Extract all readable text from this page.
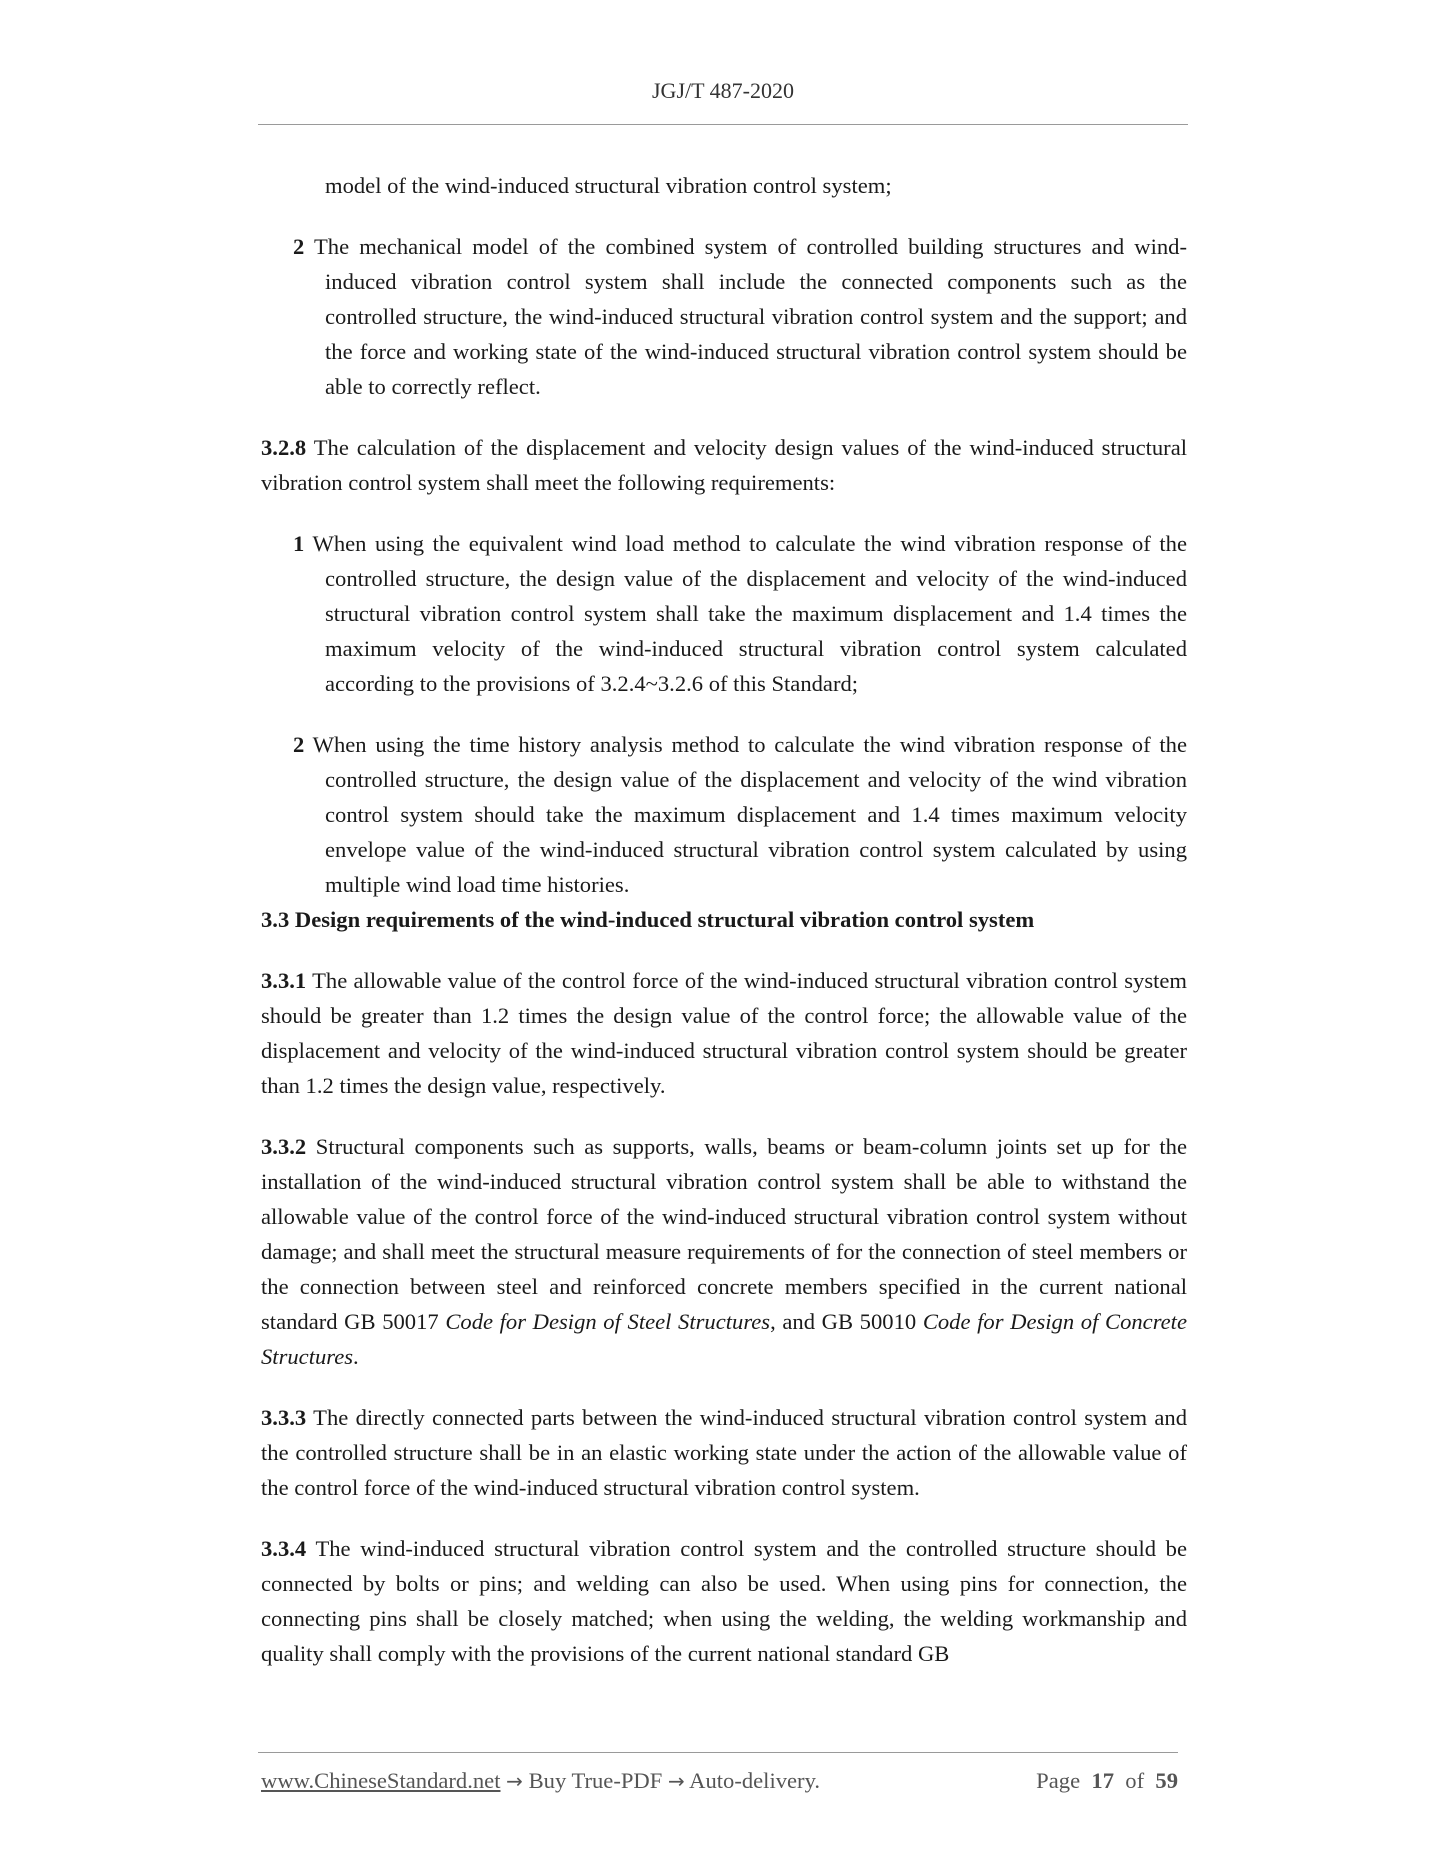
JGJ/T 487-2020

model of the wind-induced structural vibration control system;

2 The mechanical model of the combined system of controlled building structures and wind-induced vibration control system shall include the connected components such as the controlled structure, the wind-induced structural vibration control system and the support; and the force and working state of the wind-induced structural vibration control system should be able to correctly reflect.

3.2.8 The calculation of the displacement and velocity design values of the wind-induced structural vibration control system shall meet the following requirements:

1 When using the equivalent wind load method to calculate the wind vibration response of the controlled structure, the design value of the displacement and velocity of the wind-induced structural vibration control system shall take the maximum displacement and 1.4 times the maximum velocity of the wind-induced structural vibration control system calculated according to the provisions of 3.2.4~3.2.6 of this Standard;

2 When using the time history analysis method to calculate the wind vibration response of the controlled structure, the design value of the displacement and velocity of the wind vibration control system should take the maximum displacement and 1.4 times maximum velocity envelope value of the wind-induced structural vibration control system calculated by using multiple wind load time histories.

3.3 Design requirements of the wind-induced structural vibration control system

3.3.1 The allowable value of the control force of the wind-induced structural vibration control system should be greater than 1.2 times the design value of the control force; the allowable value of the displacement and velocity of the wind-induced structural vibration control system should be greater than 1.2 times the design value, respectively.

3.3.2 Structural components such as supports, walls, beams or beam-column joints set up for the installation of the wind-induced structural vibration control system shall be able to withstand the allowable value of the control force of the wind-induced structural vibration control system without damage; and shall meet the structural measure requirements of for the connection of steel members or the connection between steel and reinforced concrete members specified in the current national standard GB 50017 Code for Design of Steel Structures, and GB 50010 Code for Design of Concrete Structures.

3.3.3 The directly connected parts between the wind-induced structural vibration control system and the controlled structure shall be in an elastic working state under the action of the allowable value of the control force of the wind-induced structural vibration control system.

3.3.4 The wind-induced structural vibration control system and the controlled structure should be connected by bolts or pins; and welding can also be used. When using pins for connection, the connecting pins shall be closely matched; when using the welding, the welding workmanship and quality shall comply with the provisions of the current national standard GB

www.ChineseStandard.net → Buy True-PDF → Auto-delivery.	Page 17 of 59
